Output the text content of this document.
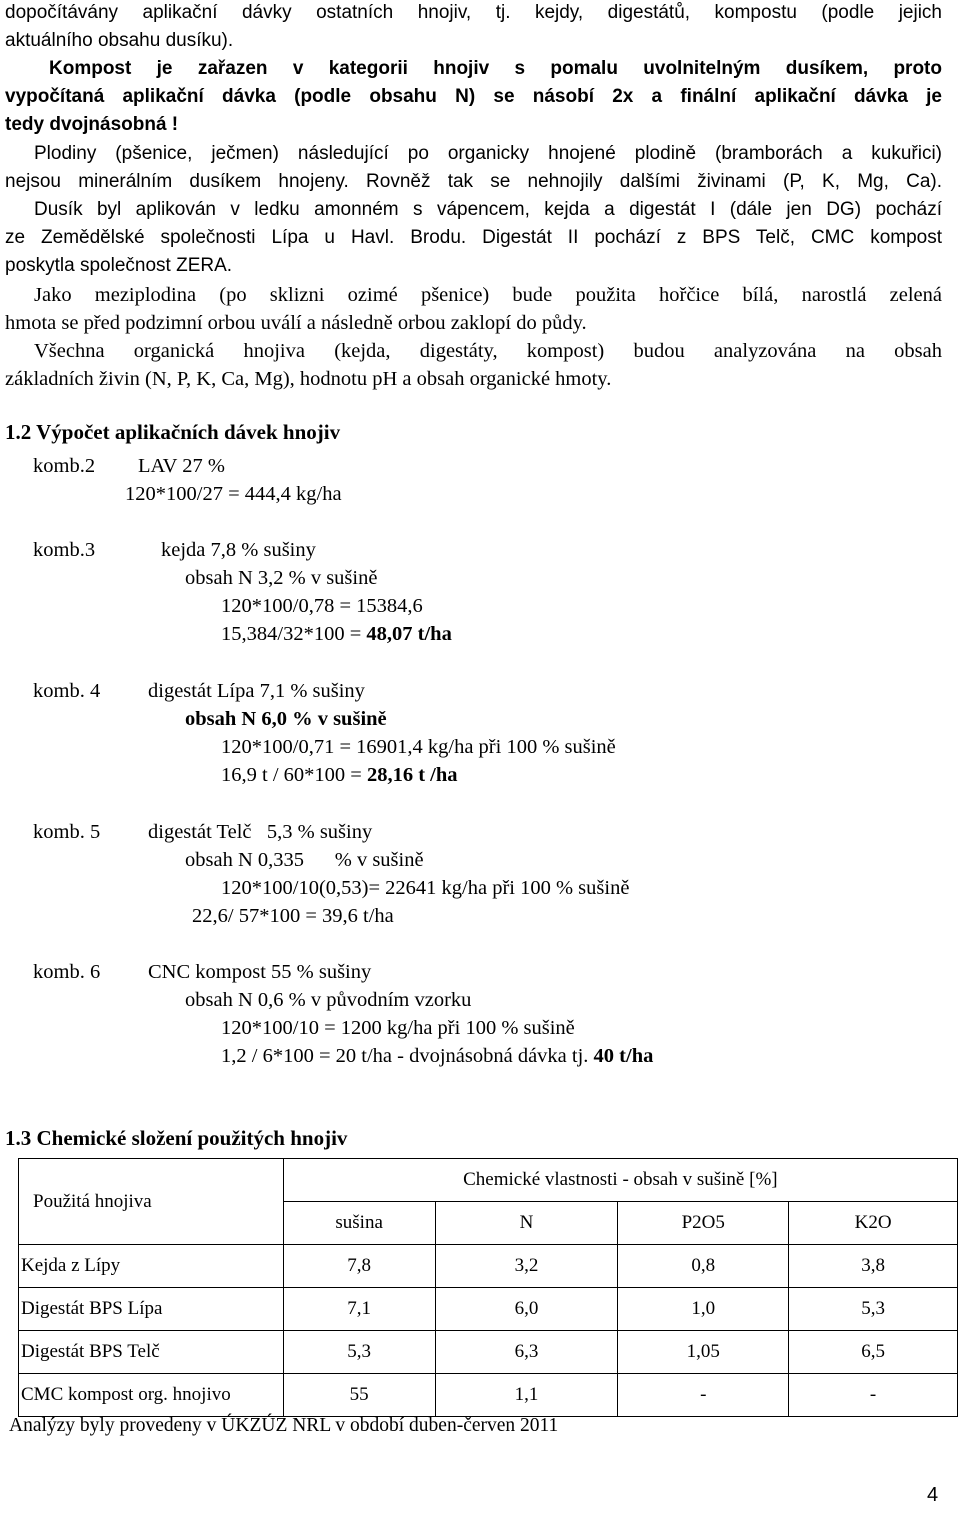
dopočítávány aplikační dávky ostatních hnojiv, tj. kejdy, digestátů, kompostu (podle jejich
aktuálního obsahu dusíku).
Kompost je zařazen v kategorii hnojiv s pomalu uvolnitelným dusíkem, proto
vypočítaná aplikační dávka (podle obsahu N) se násobí 2x a finální aplikační dávka je
tedy dvojnásobná !
Plodiny (pšenice, ječmen) následující po organicky hnojené plodině (bramborách a kukuřici)
nejsou minerálním dusíkem hnojeny. Rovněž tak se nehnojily dalšími živinami (P, K, Mg, Ca).
Dusík byl aplikován v ledku amonném s vápencem, kejda a digestát I (dále jen DG) pochází
ze Zemědělské společnosti Lípa u Havl. Brodu. Digestát II pochází z BPS Telč, CMC kompost
poskytla společnost ZERA.
Jako meziplodina (po sklizni ozimé pšenice) bude použita hořčice bílá, narostlá zelená
hmota se před podzimní orbou uválí a následně orbou zaklopí do půdy.
Všechna organická hnojiva (kejda, digestáty, kompost) budou analyzována na obsah
základních živin (N, P, K, Ca, Mg), hodnotu pH a obsah organické hmoty.
1.2 Výpočet aplikačních dávek hnojiv
komb.2 LAV 27 %
120*100/27 = 444,4 kg/ha
komb.3	kejda 7,8 % sušiny
obsah N 3,2 % v sušině
120*100/0,78 = 15384,6
15,384/32*100 = 48,07 t/ha
komb. 4 digestát Lípa 7,1 % sušiny
obsah N 6,0 % v sušině
120*100/0,71 = 16901,4 kg/ha při 100 % sušině
16,9 t / 60*100 = 28,16 t /ha
komb. 5 digestát Telč   5,3 % sušiny
obsah N 0,335      % v sušině
120*100/10(0,53)= 22641 kg/ha při 100 % sušině
22,6/ 57*100 = 39,6 t/ha
komb. 6 CNC kompost 55 % sušiny
obsah N 0,6 % v původním vzorku
120*100/10 = 1200 kg/ha při 100 % sušině
1,2 / 6*100 = 20 t/ha - dvojnásobná dávka tj. 40 t/ha
1.3 Chemické složení použitých hnojiv
Použitá hnojiva	Chemické vlastnosti - obsah v sušině [%]			
	sušina	N	P2O5	K2O
Kejda z Lípy	7,8	3,2	0,8	3,8
Digestát BPS Lípa	7,1	6,0	1,0	5,3
Digestát BPS Telč	5,3	6,3	1,05	6,5
CMC kompost org. hnojivo	55	1,1	-	-
Analýzy byly provedeny v ÚKZÚZ NRL v období duben-červen 2011
4
